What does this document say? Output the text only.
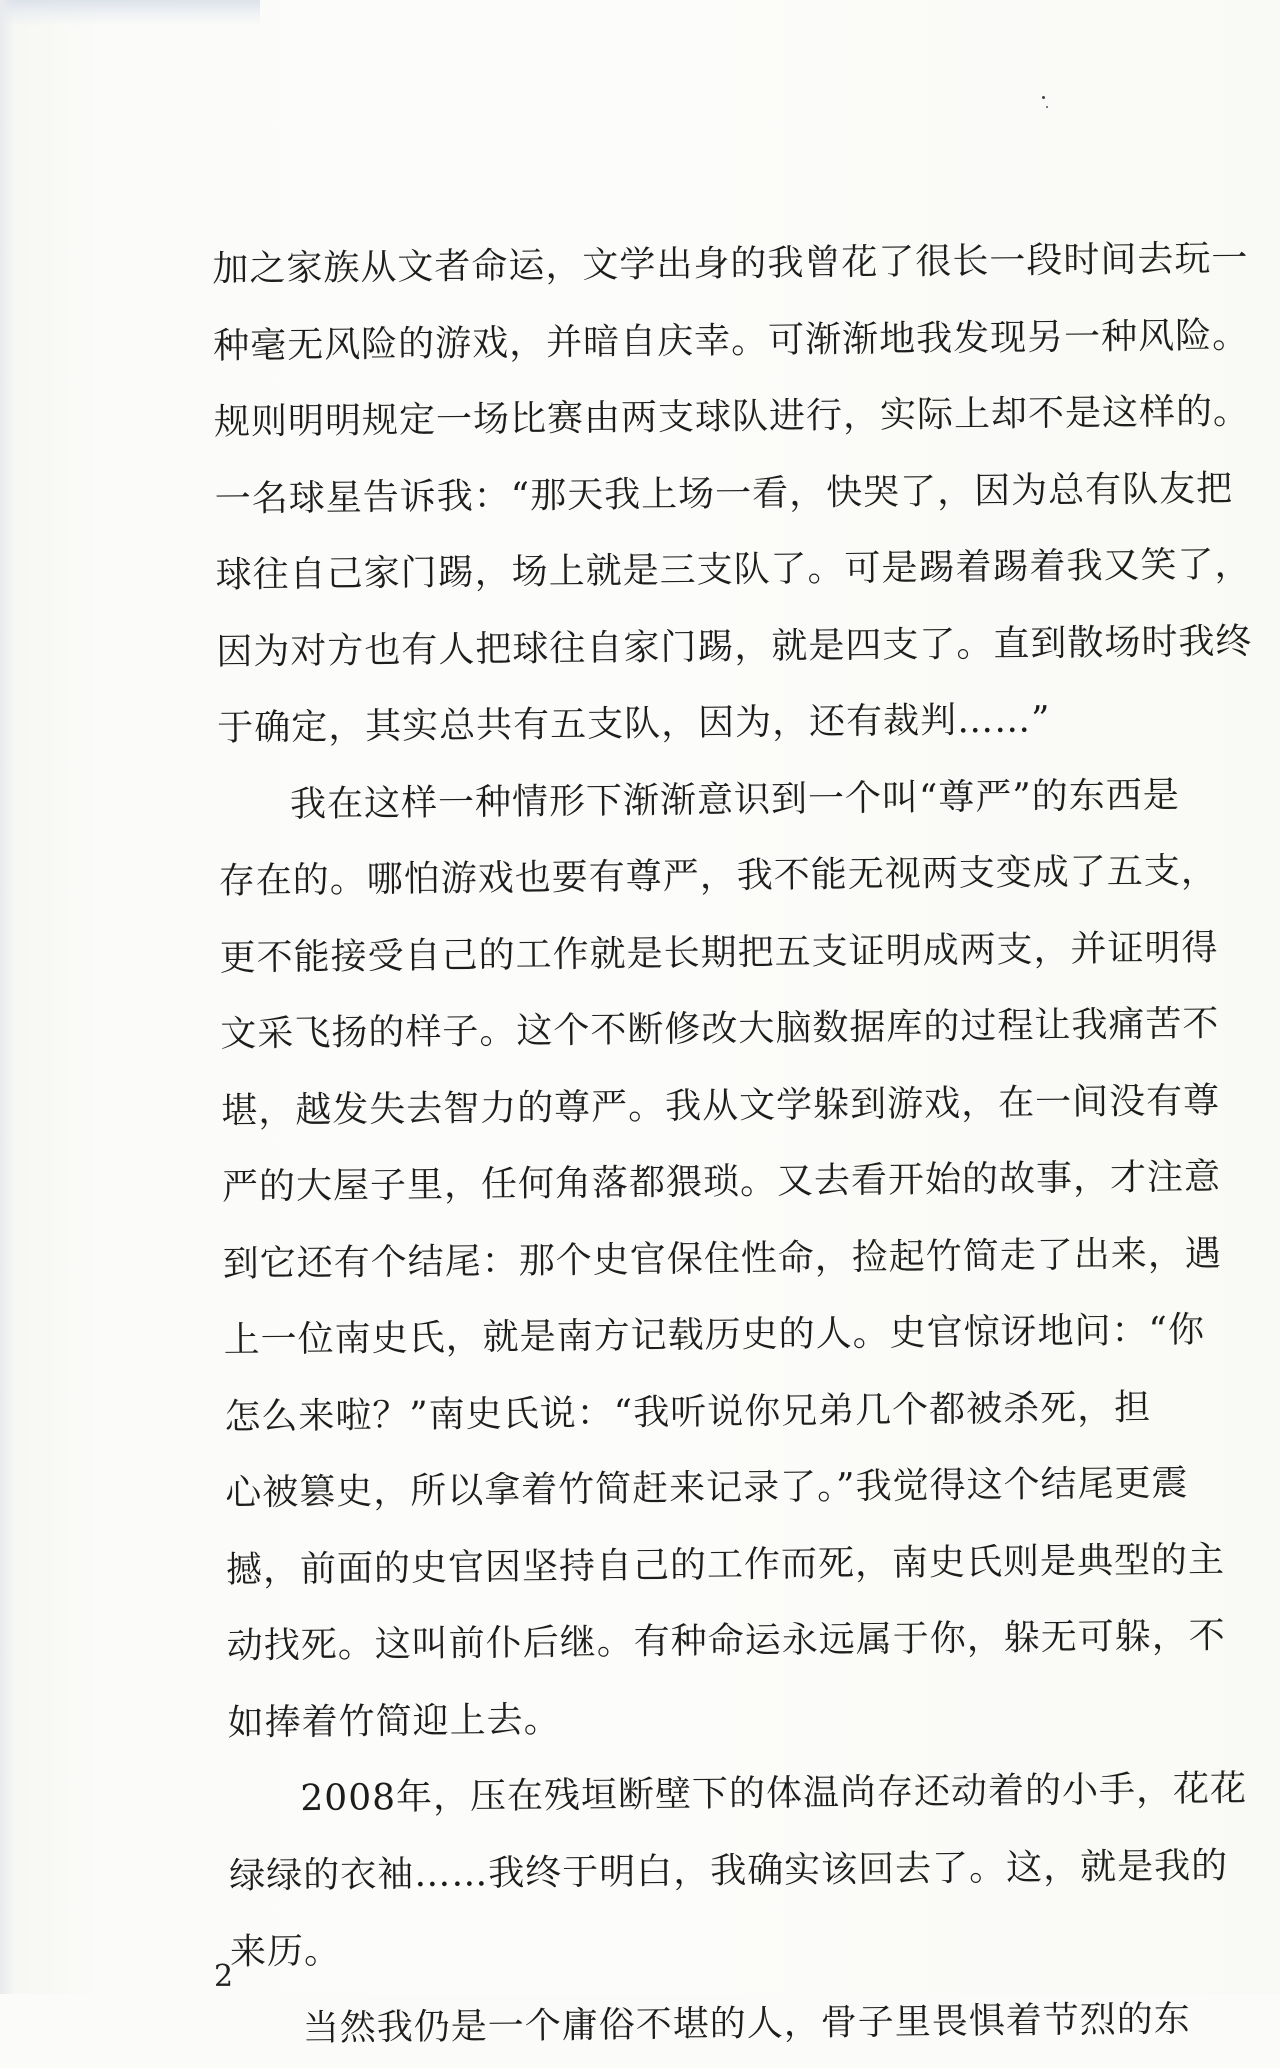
加之家族从文者命运，文学出身的我曾花了很长一段时间去玩一
种毫无风险的游戏，并暗自庆幸。可渐渐地我发现另一种风险。
规则明明规定一场比赛由两支球队进行，实际上却不是这样的。
一名球星告诉我：“那天我上场一看，快哭了，因为总有队友把
球往自己家门踢，场上就是三支队了。可是踢着踢着我又笑了，
因为对方也有人把球往自家门踢，就是四支了。直到散场时我终
于确定，其实总共有五支队，因为，还有裁判……”
我在这样一种情形下渐渐意识到一个叫“尊严”的东西是
存在的。哪怕游戏也要有尊严，我不能无视两支变成了五支，
更不能接受自己的工作就是长期把五支证明成两支，并证明得
文采飞扬的样子。这个不断修改大脑数据库的过程让我痛苦不
堪，越发失去智力的尊严。我从文学躲到游戏，在一间没有尊
严的大屋子里，任何角落都猥琐。又去看开始的故事，才注意
到它还有个结尾：那个史官保住性命，捡起竹简走了出来，遇
上一位南史氏，就是南方记载历史的人。史官惊讶地问：“你
怎么来啦？”南史氏说：“我听说你兄弟几个都被杀死，担
心被篡史，所以拿着竹简赶来记录了。”我觉得这个结尾更震
撼，前面的史官因坚持自己的工作而死，南史氏则是典型的主
动找死。这叫前仆后继。有种命运永远属于你，躲无可躲，不
如捧着竹简迎上去。
2008年，压在残垣断壁下的体温尚存还动着的小手，花花
绿绿的衣袖……我终于明白，我确实该回去了。这，就是我的
来历。
当然我仍是一个庸俗不堪的人，骨子里畏惧着节烈的东
2
